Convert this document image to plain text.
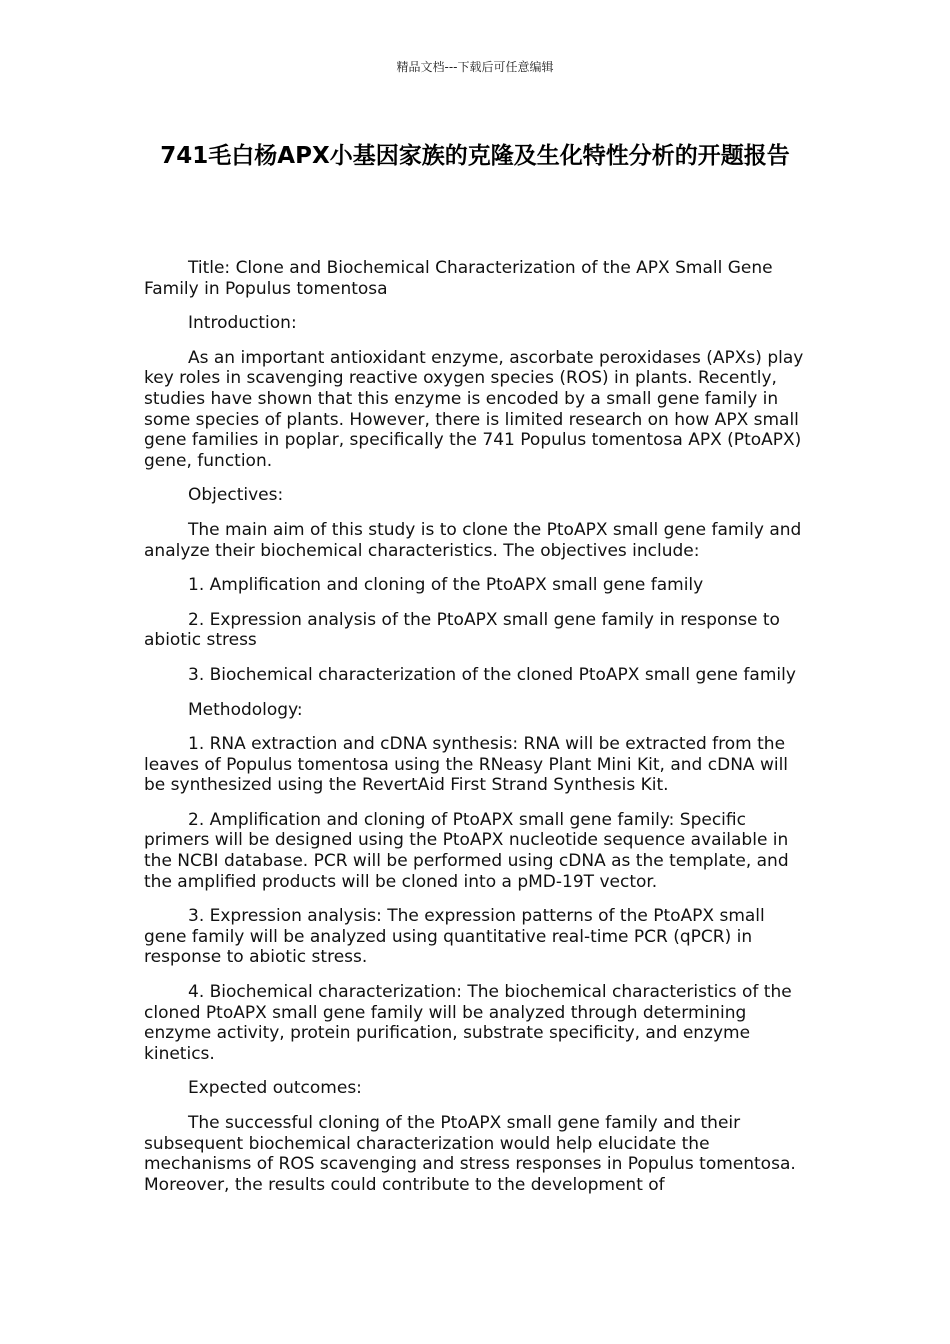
精品文档---下载后可任意编辑
741毛白杨APX小基因家族的克隆及生化特性分析的开题报告

Title: Clone and Biochemical Characterization of the APX Small Gene Family in Populus tomentosa

Introduction:

As an important antioxidant enzyme, ascorbate peroxidases (APXs) play key roles in scavenging reactive oxygen species (ROS) in plants. Recently, studies have shown that this enzyme is encoded by a small gene family in some species of plants. However, there is limited research on how APX small gene families in poplar, specifically the 741 Populus tomentosa APX (PtoAPX) gene, function.

Objectives:

The main aim of this study is to clone the PtoAPX small gene family and analyze their biochemical characteristics. The objectives include:

1. Amplification and cloning of the PtoAPX small gene family

2. Expression analysis of the PtoAPX small gene family in response to abiotic stress

3. Biochemical characterization of the cloned PtoAPX small gene family

Methodology:

1. RNA extraction and cDNA synthesis: RNA will be extracted from the leaves of Populus tomentosa using the RNeasy Plant Mini Kit, and cDNA will be synthesized using the RevertAid First Strand Synthesis Kit.

2. Amplification and cloning of PtoAPX small gene family: Specific primers will be designed using the PtoAPX nucleotide sequence available in the NCBI database. PCR will be performed using cDNA as the template, and the amplified products will be cloned into a pMD-19T vector.

3. Expression analysis: The expression patterns of the PtoAPX small gene family will be analyzed using quantitative real-time PCR (qPCR) in response to abiotic stress.

4. Biochemical characterization: The biochemical characteristics of the cloned PtoAPX small gene family will be analyzed through determining enzyme activity, protein purification, substrate specificity, and enzyme kinetics.

Expected outcomes:

The successful cloning of the PtoAPX small gene family and their subsequent biochemical characterization would help elucidate the mechanisms of ROS scavenging and stress responses in Populus tomentosa. Moreover, the results could contribute to the development of
